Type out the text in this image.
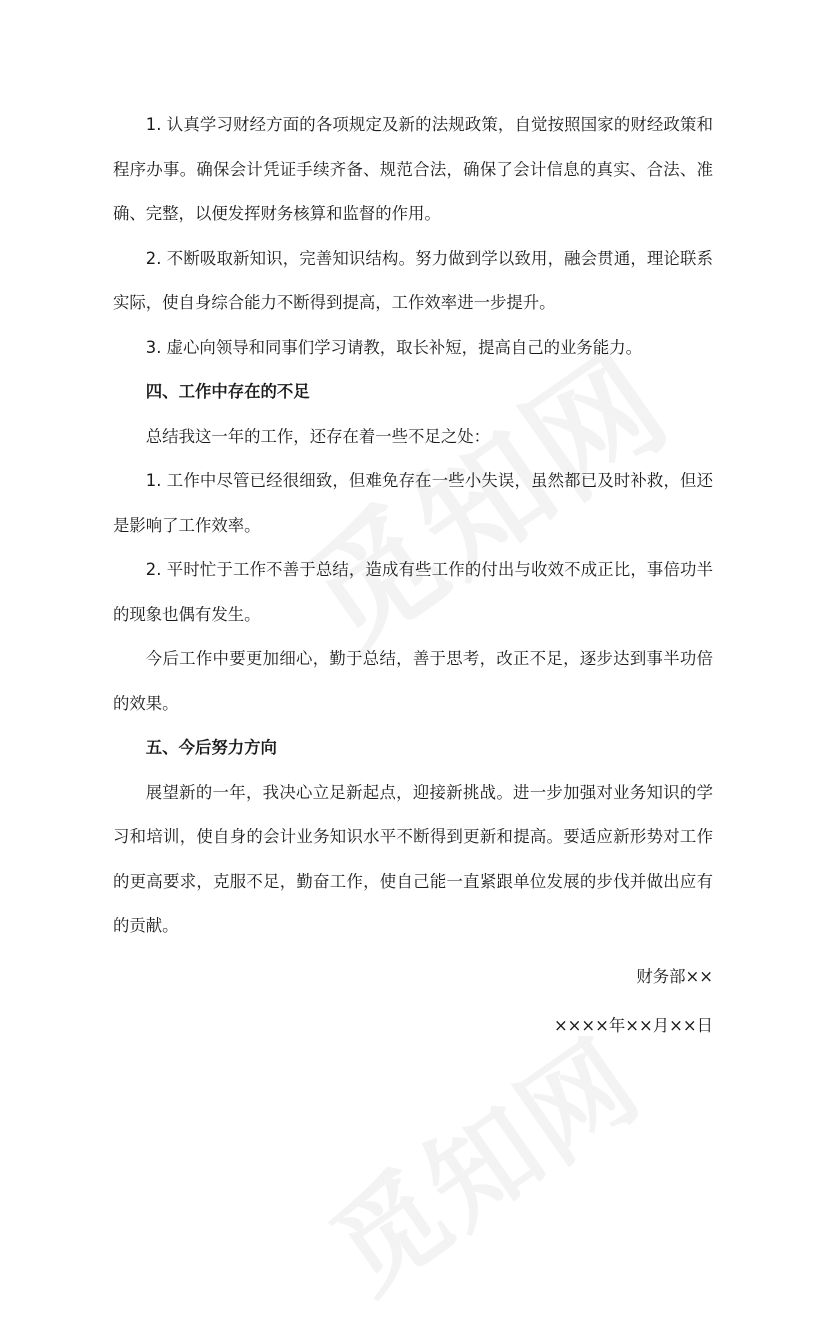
1. 认真学习财经方面的各项规定及新的法规政策，自觉按照国家的财经政策和程序办事。确保会计凭证手续齐备、规范合法，确保了会计信息的真实、合法、准确、完整，以便发挥财务核算和监督的作用。

2. 不断吸取新知识，完善知识结构。努力做到学以致用，融会贯通，理论联系实际，使自身综合能力不断得到提高，工作效率进一步提升。

3. 虚心向领导和同事们学习请教，取长补短，提高自己的业务能力。

四、工作中存在的不足

总结我这一年的工作，还存在着一些不足之处：

1. 工作中尽管已经很细致，但难免存在一些小失误，虽然都已及时补救，但还是影响了工作效率。

2. 平时忙于工作不善于总结，造成有些工作的付出与收效不成正比，事倍功半的现象也偶有发生。

今后工作中要更加细心，勤于总结，善于思考，改正不足，逐步达到事半功倍的效果。

五、今后努力方向

展望新的一年，我决心立足新起点，迎接新挑战。进一步加强对业务知识的学习和培训，使自身的会计业务知识水平不断得到更新和提高。要适应新形势对工作的更高要求，克服不足，勤奋工作，使自己能一直紧跟单位发展的步伐并做出应有的贡献。

财务部××

××××年××月××日
